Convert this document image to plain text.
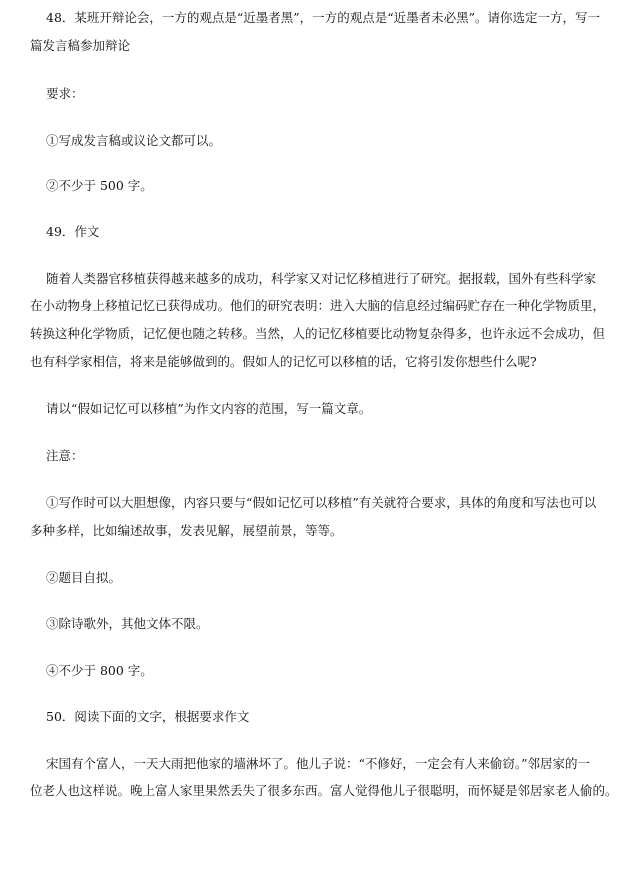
48．某班开辩论会，一方的观点是“近墨者黑”，一方的观点是“近墨者未必黑”。请你选定一方，写一
篇发言稿参加辩论
要求：
①写成发言稿或议论文都可以。
②不少于 500 字。
49．作文
随着人类器官移植获得越来越多的成功，科学家又对记忆移植进行了研究。据报载，国外有些科学家
在小动物身上移植记忆已获得成功。他们的研究表明：进入大脑的信息经过编码贮存在一种化学物质里，
转换这种化学物质，记忆便也随之转移。当然，人的记忆移植要比动物复杂得多，也许永远不会成功，但
也有科学家相信，将来是能够做到的。假如人的记忆可以移植的话，它将引发你想些什么呢?
请以“假如记忆可以移植”为作文内容的范围，写一篇文章。
注意：
①写作时可以大胆想像，内容只要与“假如记忆可以移植”有关就符合要求，具体的角度和写法也可以
多种多样，比如编述故事，发表见解，展望前景，等等。
②题目自拟。
③除诗歌外，其他文体不限。
④不少于 800 字。
50．阅读下面的文字，根据要求作文
宋国有个富人，一天大雨把他家的墙淋坏了。他儿子说：“不修好，一定会有人来偷窃。”邻居家的一
位老人也这样说。晚上富人家里果然丢失了很多东西。富人觉得他儿子很聪明，而怀疑是邻居家老人偷的。
